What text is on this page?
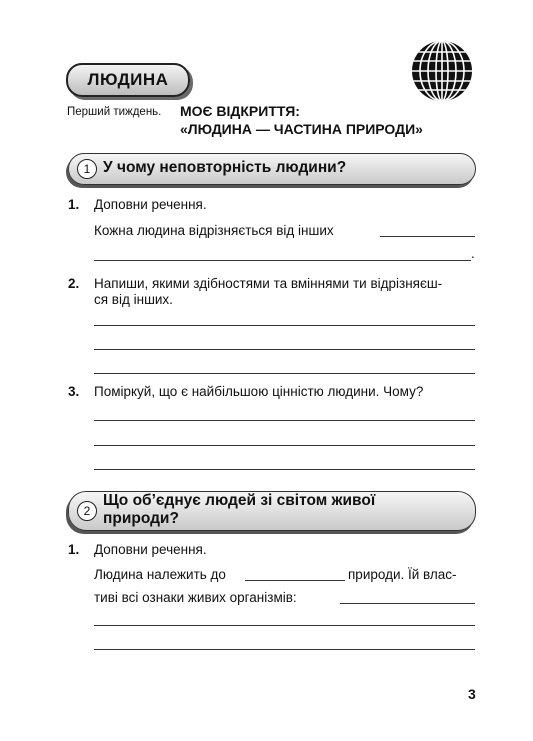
ЛЮДИНА
Перший тиждень. МОЄ ВІДКРИТТЯ:
«ЛЮДИНА — ЧАСТИНА ПРИРОДИ»
1 У чому неповторність людини?
1. Доповни речення.
Кожна людина відрізняється від інших
.
2. Напиши, якими здібностями та вміннями ти відрізняєш-
ся від інших.
3. Поміркуй, що є найбільшою цінністю людини. Чому?
2
Що об’єднує людей зі світом живої
природи?
1. Доповни речення.
Людина належить до	природи. Їй влас-
тиві всі ознаки живих організмів:
3
